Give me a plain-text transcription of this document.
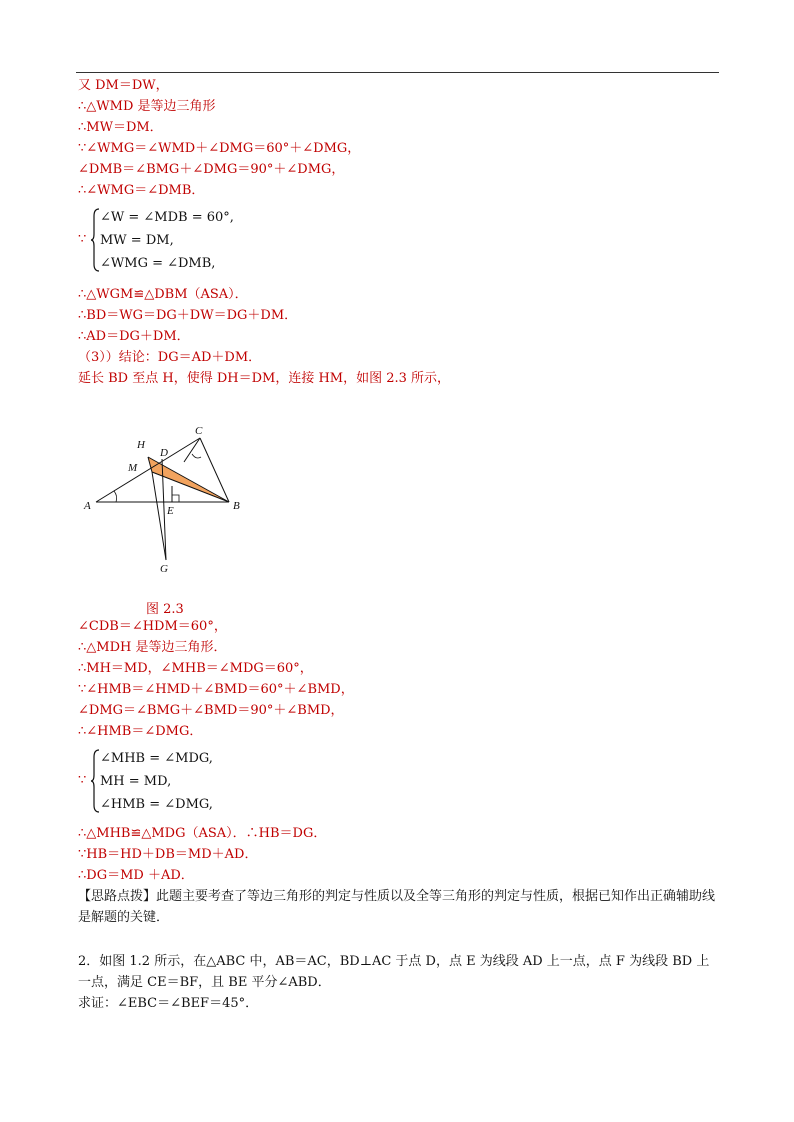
又 DM＝DW，
∴△WMD 是等边三角形
∴MW＝DM．
∵∠WMG＝∠WMD＋∠DMG＝60°＋∠DMG，
∠DMB＝∠BMG＋∠DMG＝90°＋∠DMG，
∴∠WMG＝∠DMB．
∵
∠W = ∠MDB = 60°,
MW = DM,
∠WMG = ∠DMB,
∴△WGM≌△DBM（ASA）．
∴BD＝WG＝DG＋DW＝DG＋DM．
∴AD＝DG＋DM．
（3））结论：DG＝AD＋DM．
延长 BD 至点 H，使得 DH＝DM，连接 HM，如图 2.3 所示，
H
D
C
M
A	E	B
G
图 2.3
∠CDB＝∠HDM＝60°，
∴△MDH 是等边三角形．
∴MH＝MD，∠MHB＝∠MDG＝60°，
∵∠HMB＝∠HMD＋∠BMD＝60°＋∠BMD，
∠DMG＝∠BMG＋∠BMD＝90°＋∠BMD，
∴∠HMB＝∠DMG．
∵
∠MHB = ∠MDG,
MH = MD,
∠HMB = ∠DMG,
∴△MHB≌△MDG（ASA）．∴HB＝DG．
∵HB＝HD＋DB＝MD＋AD．
∴DG＝MD ＋AD．
【思路点拨】此题主要考查了等边三角形的判定与性质以及全等三角形的判定与性质，根据已知作出正确辅助线是解题的关键．
2．如图 1.2 所示，在△ABC 中，AB＝AC，BD⊥AC 于点 D，点 E 为线段 AD 上一点，点 F 为线段 BD 上一点，满足 CE＝BF，且 BE 平分∠ABD．
求证：∠EBC＝∠BEF＝45°．
